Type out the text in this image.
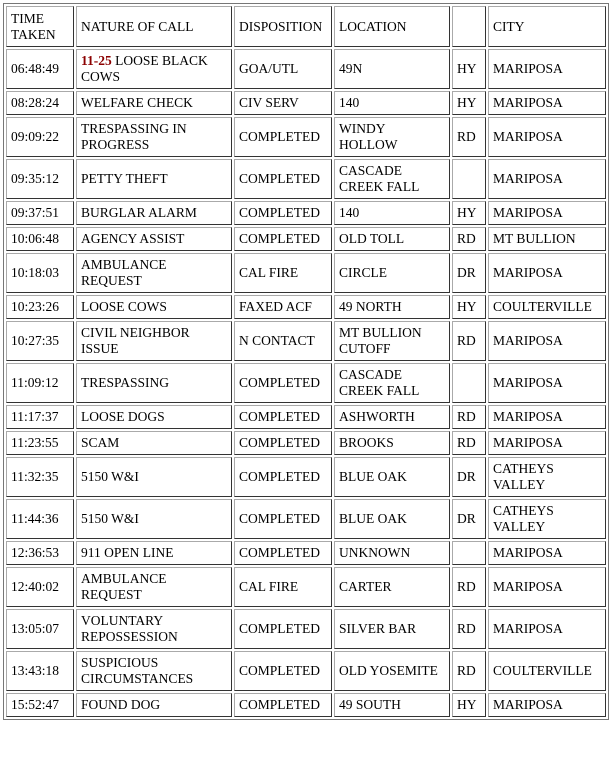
TIME TAKEN	NATURE OF CALL	DISPOSITION	LOCATION		CITY
06:48:49	11-25 LOOSE BLACK COWS	GOA/UTL	49N	HY	MARIPOSA
08:28:24	WELFARE CHECK	CIV SERV	140	HY	MARIPOSA
09:09:22	TRESPASSING IN PROGRESS	COMPLETED	WINDY HOLLOW	RD	MARIPOSA
09:35:12	PETTY THEFT	COMPLETED	CASCADE CREEK FALL		MARIPOSA
09:37:51	BURGLAR ALARM	COMPLETED	140	HY	MARIPOSA
10:06:48	AGENCY ASSIST	COMPLETED	OLD TOLL	RD	MT BULLION
10:18:03	AMBULANCE REQUEST	CAL FIRE	CIRCLE	DR	MARIPOSA
10:23:26	LOOSE COWS	FAXED ACF	49 NORTH	HY	COULTERVILLE
10:27:35	CIVIL NEIGHBOR ISSUE	N CONTACT	MT BULLION CUTOFF	RD	MARIPOSA
11:09:12	TRESPASSING	COMPLETED	CASCADE CREEK FALL		MARIPOSA
11:17:37	LOOSE DOGS	COMPLETED	ASHWORTH	RD	MARIPOSA
11:23:55	SCAM	COMPLETED	BROOKS	RD	MARIPOSA
11:32:35	5150 W&I	COMPLETED	BLUE OAK	DR	CATHEYS VALLEY
11:44:36	5150 W&I	COMPLETED	BLUE OAK	DR	CATHEYS VALLEY
12:36:53	911 OPEN LINE	COMPLETED	UNKNOWN		MARIPOSA
12:40:02	AMBULANCE REQUEST	CAL FIRE	CARTER	RD	MARIPOSA
13:05:07	VOLUNTARY REPOSSESSION	COMPLETED	SILVER BAR	RD	MARIPOSA
13:43:18	SUSPICIOUS CIRCUMSTANCES	COMPLETED	OLD YOSEMITE	RD	COULTERVILLE
15:52:47	FOUND DOG	COMPLETED	49 SOUTH	HY	MARIPOSA
